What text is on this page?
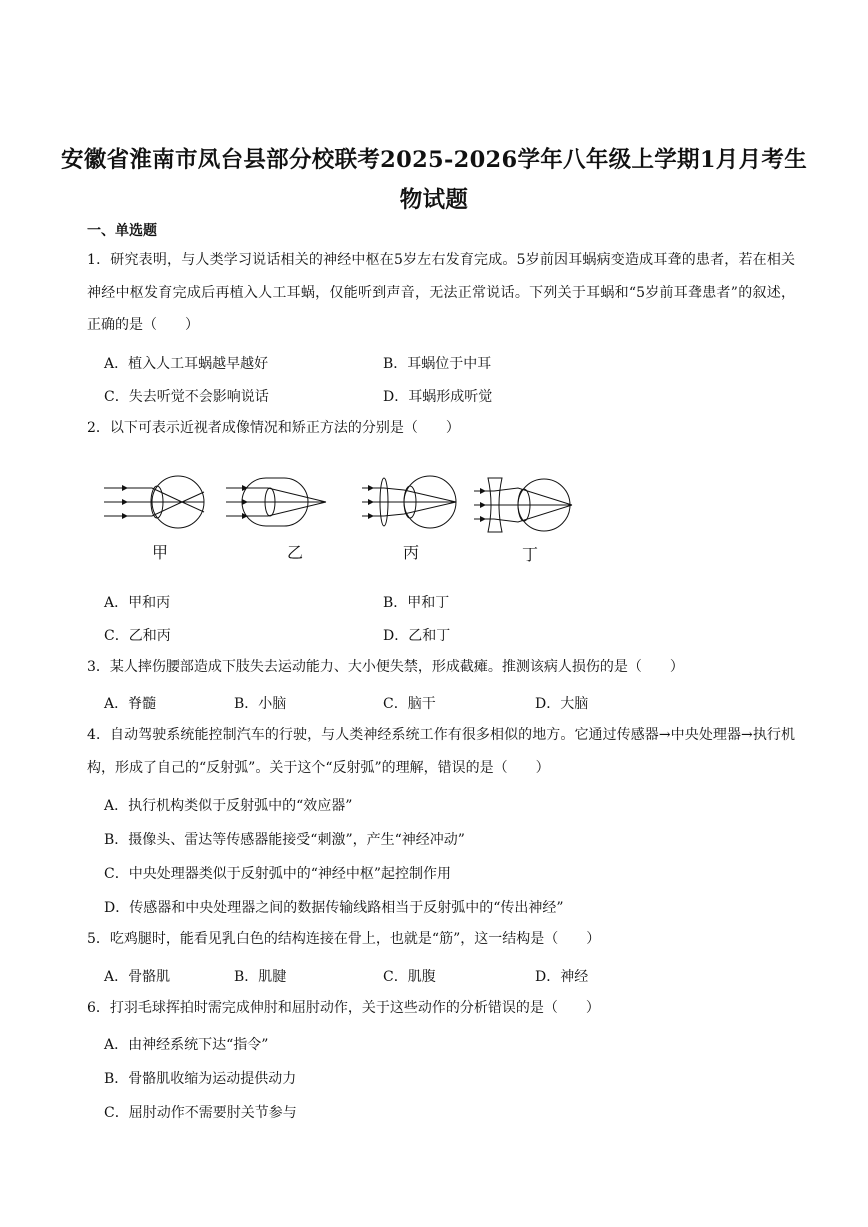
安徽省淮南市凤台县部分校联考2025-2026学年八年级上学期1月月考生
物试题
一、单选题
1．研究表明，与人类学习说话相关的神经中枢在5岁左右发育完成。5岁前因耳蜗病变造成耳聋的患者，若在相关神经中枢发育完成后再植入人工耳蜗，仅能听到声音，无法正常说话。下列关于耳蜗和“5岁前耳聋患者”的叙述，正确的是（　　）
A．植入人工耳蜗越早越好	B．耳蜗位于中耳
C．失去听觉不会影响说话	D．耳蜗形成听觉
2．以下可表示近视者成像情况和矫正方法的分别是（　　）
甲	乙	丙	丁
A．甲和丙	B．甲和丁
C．乙和丙	D．乙和丁
3．某人摔伤腰部造成下肢失去运动能力、大小便失禁，形成截瘫。推测该病人损伤的是（　　）
A．脊髓	B．小脑	C．脑干	D．大脑
4．自动驾驶系统能控制汽车的行驶，与人类神经系统工作有很多相似的地方。它通过传感器→中央处理器→执行机构，形成了自己的“反射弧”。关于这个“反射弧”的理解，错误的是（　　）
A．执行机构类似于反射弧中的“效应器”
B．摄像头、雷达等传感器能接受“刺激”，产生“神经冲动”
C．中央处理器类似于反射弧中的“神经中枢”起控制作用
D．传感器和中央处理器之间的数据传输线路相当于反射弧中的“传出神经”
5．吃鸡腿时，能看见乳白色的结构连接在骨上，也就是“筋”，这一结构是（　　）
A．骨骼肌	B．肌腱	C．肌腹	D．神经
6．打羽毛球挥拍时需完成伸肘和屈肘动作，关于这些动作的分析错误的是（　　）
A．由神经系统下达“指令”
B．骨骼肌收缩为运动提供动力
C．屈肘动作不需要肘关节参与
